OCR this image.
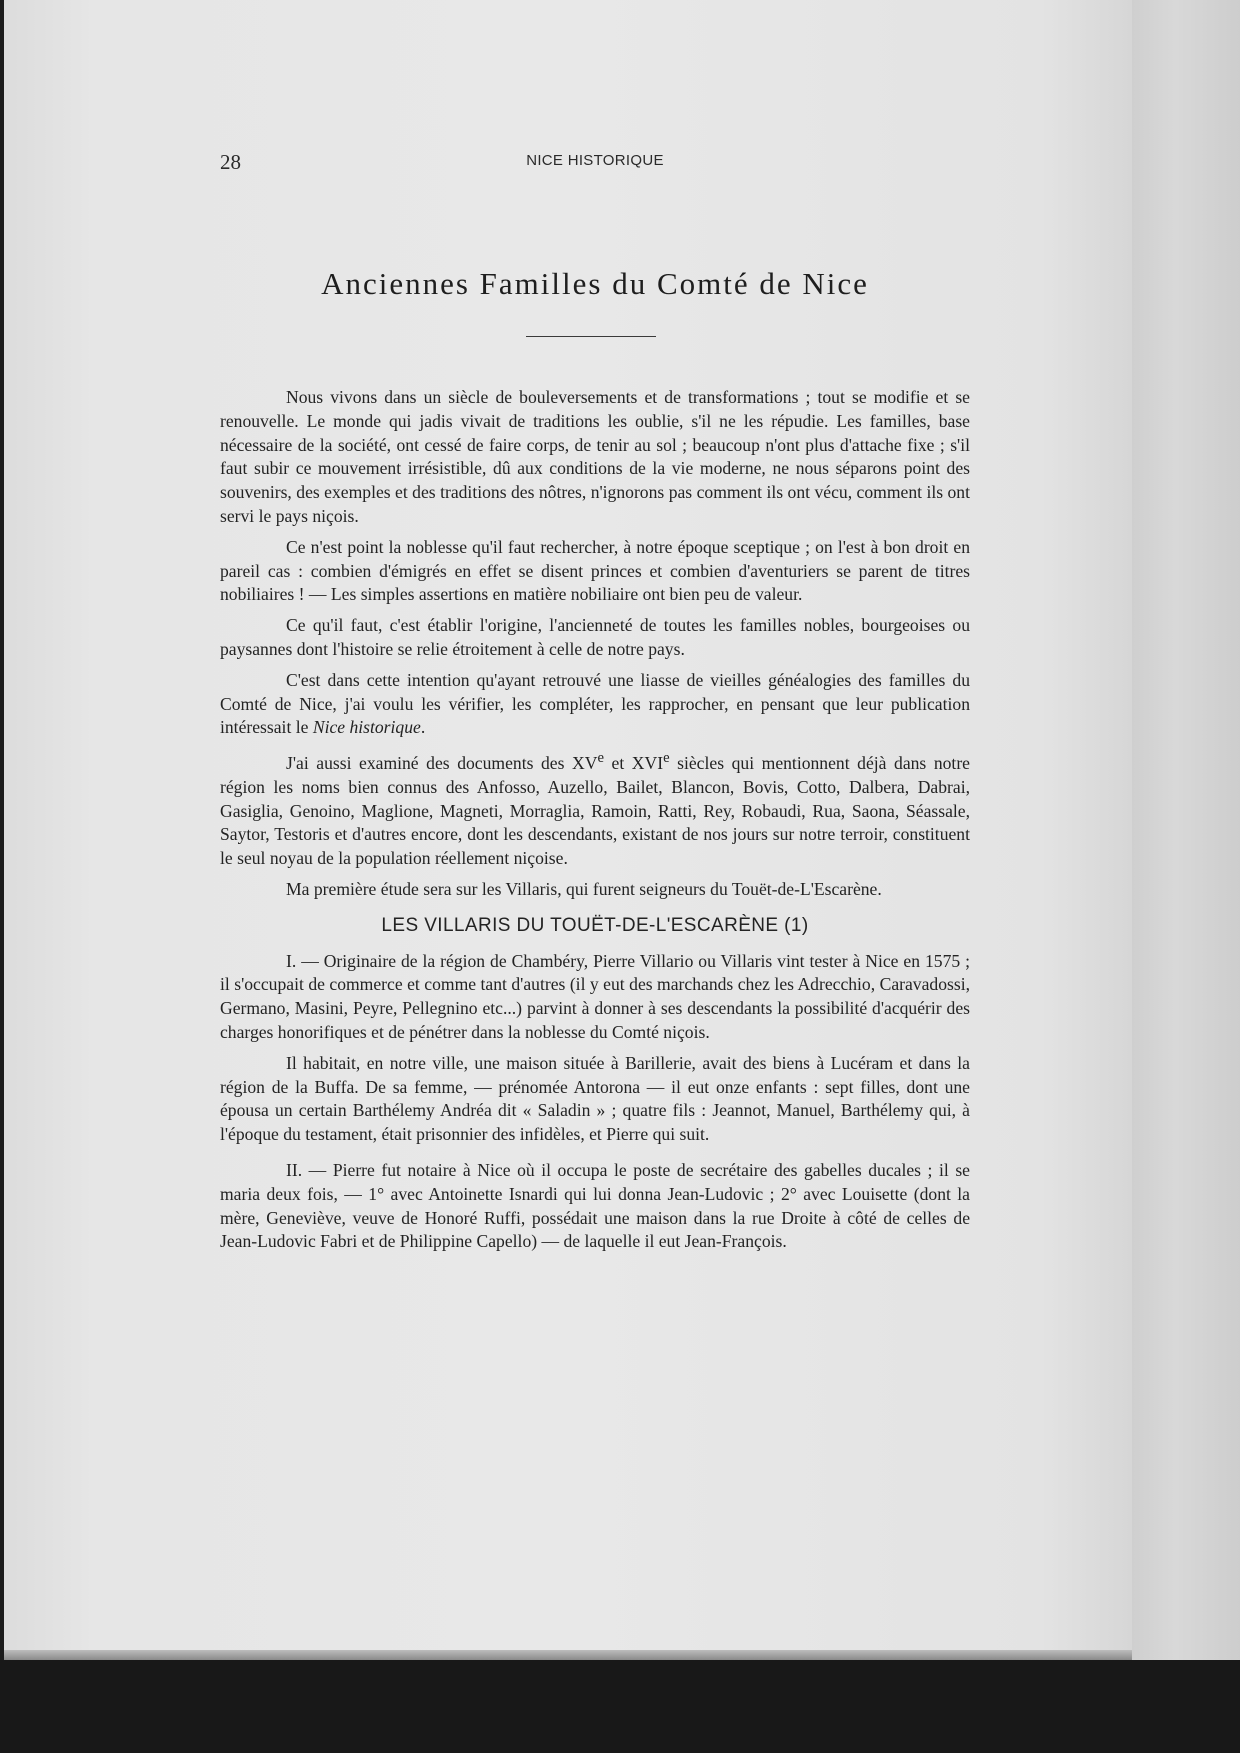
28	NICE HISTORIQUE
Anciennes Familles du Comté de Nice

Nous vivons dans un siècle de bouleversements et de transformations ; tout se modifie et se renouvelle. Le monde qui jadis vivait de traditions les oublie, s'il ne les répudie. Les familles, base nécessaire de la société, ont cessé de faire corps, de tenir au sol ; beaucoup n'ont plus d'attache fixe ; s'il faut subir ce mouvement irrésistible, dû aux conditions de la vie moderne, ne nous séparons point des souvenirs, des exemples et des traditions des nôtres, n'ignorons pas comment ils ont vécu, comment ils ont servi le pays niçois.

Ce n'est point la noblesse qu'il faut rechercher, à notre époque sceptique ; on l'est à bon droit en pareil cas : combien d'émigrés en effet se disent princes et combien d'aventuriers se parent de titres nobiliaires ! — Les simples assertions en matière nobiliaire ont bien peu de valeur.

Ce qu'il faut, c'est établir l'origine, l'ancienneté de toutes les familles nobles, bourgeoises ou paysannes dont l'histoire se relie étroitement à celle de notre pays.

C'est dans cette intention qu'ayant retrouvé une liasse de vieilles généalogies des familles du Comté de Nice, j'ai voulu les vérifier, les compléter, les rapprocher, en pensant que leur publication intéressait le Nice historique.

J'ai aussi examiné des documents des XVe et XVIe siècles qui mentionnent déjà dans notre région les noms bien connus des Anfosso, Auzello, Bailet, Blancon, Bovis, Cotto, Dalbera, Dabrai, Gasiglia, Genoino, Maglione, Magneti, Morraglia, Ramoin, Ratti, Rey, Robaudi, Rua, Saona, Séassale, Saytor, Testoris et d'autres encore, dont les descendants, existant de nos jours sur notre terroir, constituent le seul noyau de la population réellement niçoise.

Ma première étude sera sur les Villaris, qui furent seigneurs du Touët-de-L'Escarène.

LES VILLARIS DU TOUËT-DE-L'ESCARÈNE (1)

I. — Originaire de la région de Chambéry, Pierre Villario ou Villaris vint tester à Nice en 1575 ; il s'occupait de commerce et comme tant d'autres (il y eut des marchands chez les Adrecchio, Caravadossi, Germano, Masini, Peyre, Pellegnino etc...) parvint à donner à ses descendants la possibilité d'acquérir des charges honorifiques et de pénétrer dans la noblesse du Comté niçois.

Il habitait, en notre ville, une maison située à Barillerie, avait des biens à Lucéram et dans la région de la Buffa. De sa femme, — prénomée Antorona — il eut onze enfants : sept filles, dont une épousa un certain Barthélemy Andréa dit « Saladin » ; quatre fils : Jeannot, Manuel, Barthélemy qui, à l'époque du testament, était prisonnier des infidèles, et Pierre qui suit.

II. — Pierre fut notaire à Nice où il occupa le poste de secrétaire des gabelles ducales ; il se maria deux fois, — 1° avec Antoinette Isnardi qui lui donna Jean-Ludovic ; 2° avec Louisette (dont la mère, Geneviève, veuve de Honoré Ruffi, possédait une maison dans la rue Droite à côté de celles de Jean-Ludovic Fabri et de Philippine Capello) — de laquelle il eut Jean-François.
